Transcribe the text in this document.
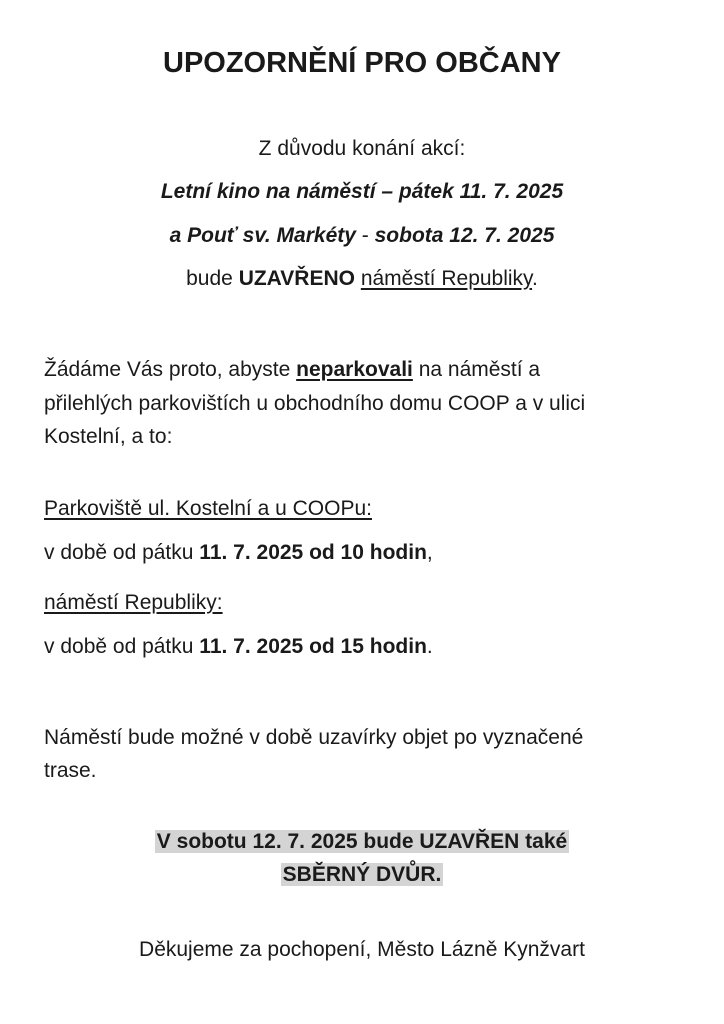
UPOZORNĚNÍ PRO OBČANY
Z důvodu konání akcí:
Letní kino na náměstí – pátek 11. 7. 2025
a Pouť sv. Markéty - sobota 12. 7. 2025
bude UZAVŘENO náměstí Republiky.
Žádáme Vás proto, abyste neparkovali na náměstí a
přilehlých parkovištích u obchodního domu COOP a v ulici
Kostelní, a to:
Parkoviště ul. Kostelní a u COOPu:
v době od pátku 11. 7. 2025 od 10 hodin,
náměstí Republiky:
v době od pátku 11. 7. 2025 od 15 hodin.
Náměstí bude možné v době uzavírky objet po vyznačené
trase.
V sobotu 12. 7. 2025 bude UZAVŘEN také
SBĚRNÝ DVŮR.
Děkujeme za pochopení, Město Lázně Kynžvart
